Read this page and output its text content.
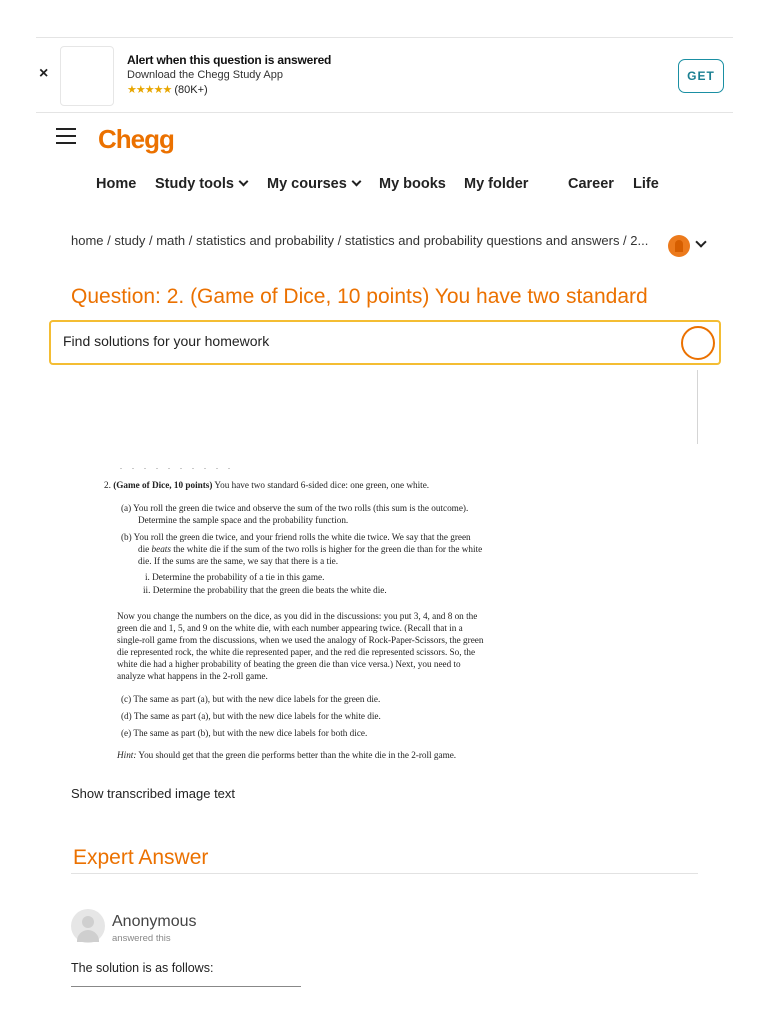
×
Alert when this question is answered
Download the Chegg Study App
★★★★★ (80K+)
GET
Chegg
Home Study tools	My courses	My books My folder	Career Life
home / study / math / statistics and probability / statistics and probability questions and answers / 2...
Question: 2. (Game of Dice, 10 points) You have two standard
Find solutions for your homework
. . . . . . . . . .

2. (Game of Dice, 10 points) You have two standard 6-sided dice: one green, one white.

(a) You roll the green die twice and observe the sum of the two rolls (this sum is the outcome).

Determine the sample space and the probability function.

(b) You roll the green die twice, and your friend rolls the white die twice. We say that the green

die beats the white die if the sum of the two rolls is higher for the green die than for the white

die. If the sums are the same, we say that there is a tie.

i. Determine the probability of a tie in this game.

ii. Determine the probability that the green die beats the white die.

Now you change the numbers on the dice, as you did in the discussions: you put 3, 4, and 8 on the

green die and 1, 5, and 9 on the white die, with each number appearing twice. (Recall that in a

single-roll game from the discussions, when we used the analogy of Rock-Paper-Scissors, the green

die represented rock, the white die represented paper, and the red die represented scissors. So, the

white die had a higher probability of beating the green die than vice versa.) Next, you need to

analyze what happens in the 2-roll game.

(c) The same as part (a), but with the new dice labels for the green die.

(d) The same as part (a), but with the new dice labels for the white die.

(e) The same as part (b), but with the new dice labels for both dice.

Hint: You should get that the green die performs better than the white die in the 2-roll game.

Show transcribed image text
Expert Answer
Anonymous
answered this
The solution is as follows:
